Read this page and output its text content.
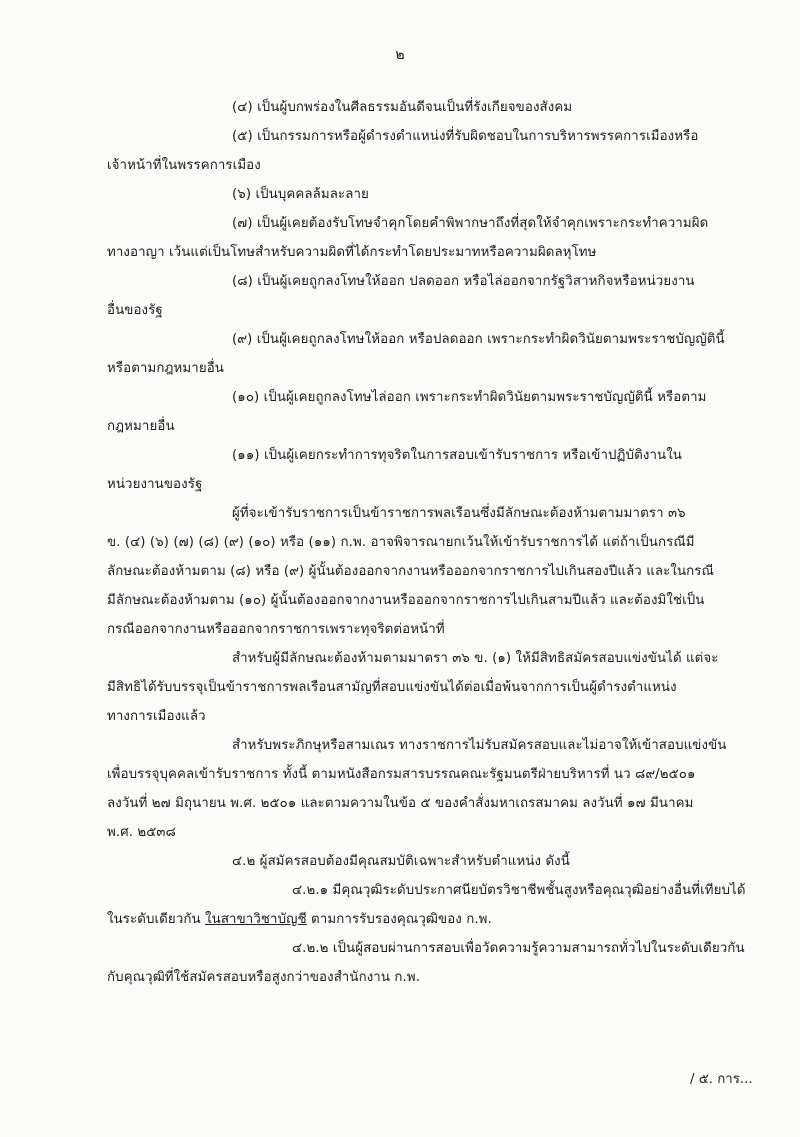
๒
(๔) เป็นผู้บกพร่องในศีลธรรมอันดีจนเป็นที่รังเกียจของสังคม
(๕) เป็นกรรมการหรือผู้ดำรงตำแหน่งที่รับผิดชอบในการบริหารพรรคการเมืองหรือ
เจ้าหน้าที่ในพรรคการเมือง
(๖) เป็นบุคคลล้มละลาย
(๗) เป็นผู้เคยต้องรับโทษจำคุกโดยคำพิพากษาถึงที่สุดให้จำคุกเพราะกระทำความผิด
ทางอาญา เว้นแต่เป็นโทษสำหรับความผิดที่ได้กระทำโดยประมาทหรือความผิดลหุโทษ
(๘) เป็นผู้เคยถูกลงโทษให้ออก ปลดออก หรือไล่ออกจากรัฐวิสาหกิจหรือหน่วยงาน
อื่นของรัฐ
(๙) เป็นผู้เคยถูกลงโทษให้ออก หรือปลดออก เพราะกระทำผิดวินัยตามพระราชบัญญัตินี้
หรือตามกฎหมายอื่น
(๑๐) เป็นผู้เคยถูกลงโทษไล่ออก เพราะกระทำผิดวินัยตามพระราชบัญญัตินี้ หรือตาม
กฎหมายอื่น
(๑๑) เป็นผู้เคยกระทำการทุจริตในการสอบเข้ารับราชการ หรือเข้าปฏิบัติงานใน
หน่วยงานของรัฐ
ผู้ที่จะเข้ารับราชการเป็นข้าราชการพลเรือนซึ่งมีลักษณะต้องห้ามตามมาตรา ๓๖
ข. (๔) (๖) (๗) (๘) (๙) (๑๐) หรือ (๑๑) ก.พ. อาจพิจารณายกเว้นให้เข้ารับราชการได้ แต่ถ้าเป็นกรณีมี
ลักษณะต้องห้ามตาม (๘) หรือ (๙) ผู้นั้นต้องออกจากงานหรือออกจากราชการไปเกินสองปีแล้ว และในกรณี
มีลักษณะต้องห้ามตาม (๑๐) ผู้นั้นต้องออกจากงานหรือออกจากราชการไปเกินสามปีแล้ว และต้องมิใช่เป็น
กรณีออกจากงานหรือออกจากราชการเพราะทุจริตต่อหน้าที่
สำหรับผู้มีลักษณะต้องห้ามตามมาตรา ๓๖ ข. (๑) ให้มีสิทธิสมัครสอบแข่งขันได้ แต่จะ
มีสิทธิได้รับบรรจุเป็นข้าราชการพลเรือนสามัญที่สอบแข่งขันได้ต่อเมื่อพ้นจากการเป็นผู้ดำรงตำแหน่ง
ทางการเมืองแล้ว
สำหรับพระภิกษุหรือสามเณร ทางราชการไม่รับสมัครสอบและไม่อาจให้เข้าสอบแข่งขัน
เพื่อบรรจุบุคคลเข้ารับราชการ ทั้งนี้ ตามหนังสือกรมสารบรรณคณะรัฐมนตรีฝ่ายบริหารที่ นว ๘๙/๒๕๐๑
ลงวันที่ ๒๗ มิถุนายน พ.ศ. ๒๕๐๑ และตามความในข้อ ๕ ของคำสั่งมหาเถรสมาคม ลงวันที่ ๑๗ มีนาคม
พ.ศ. ๒๕๓๘
๔.๒ ผู้สมัครสอบต้องมีคุณสมบัติเฉพาะสำหรับตำแหน่ง ดังนี้
๔.๒.๑ มีคุณวุฒิระดับประกาศนียบัตรวิชาชีพชั้นสูงหรือคุณวุฒิอย่างอื่นที่เทียบได้
ในระดับเดียวกัน ในสาขาวิชาบัญชี ตามการรับรองคุณวุฒิของ ก.พ.
๔.๒.๒ เป็นผู้สอบผ่านการสอบเพื่อวัดความรู้ความสามารถทั่วไปในระดับเดียวกัน
กับคุณวุฒิที่ใช้สมัครสอบหรือสูงกว่าของสำนักงาน ก.พ.
/ ๕. การ...
